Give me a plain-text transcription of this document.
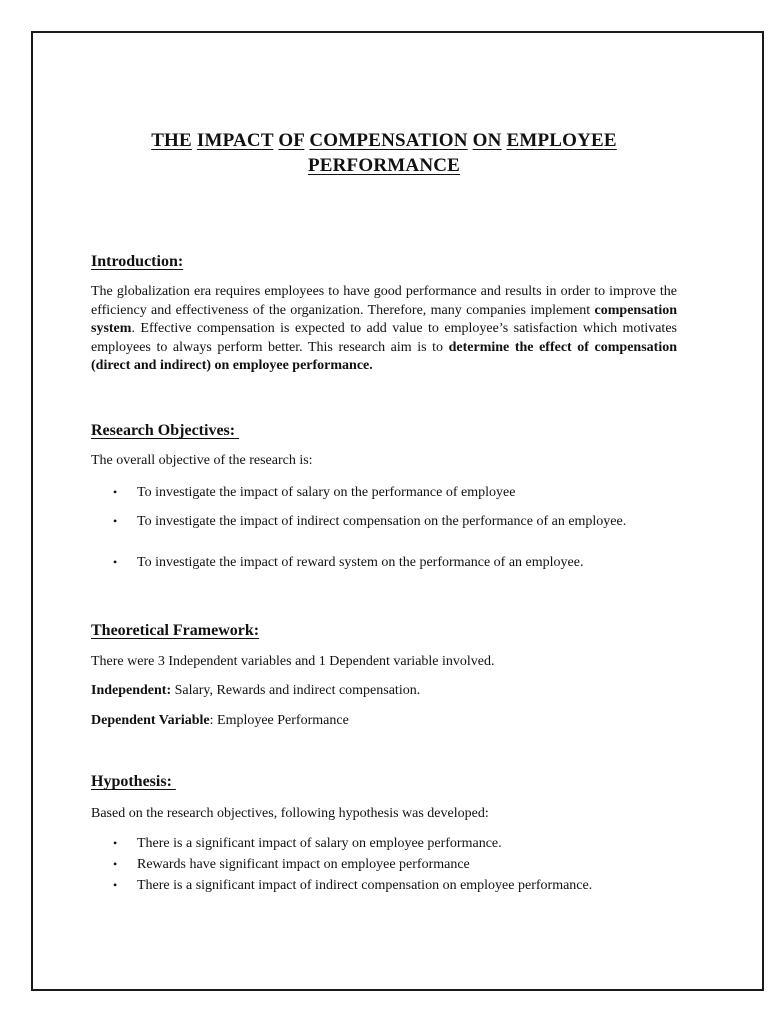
THE IMPACT OF COMPENSATION ON EMPLOYEE
PERFORMANCE
Introduction:
The globalization era requires employees to have good performance and results in order to improve the efficiency and effectiveness of the organization. Therefore, many companies implement compensation system. Effective compensation is expected to add value to employee’s satisfaction which motivates employees to always perform better. This research aim is to determine the effect of compensation (direct and indirect) on employee performance.
Research Objectives:
The overall objective of the research is:
• To investigate the impact of salary on the performance of employee
• To investigate the impact of indirect compensation on the performance of an employee.
• To investigate the impact of reward system on the performance of an employee.
Theoretical Framework:
There were 3 Independent variables and 1 Dependent variable involved.
Independent: Salary, Rewards and indirect compensation.
Dependent Variable: Employee Performance
Hypothesis:
Based on the research objectives, following hypothesis was developed:
• There is a significant impact of salary on employee performance.
• Rewards have significant impact on employee performance
• There is a significant impact of indirect compensation on employee performance.
